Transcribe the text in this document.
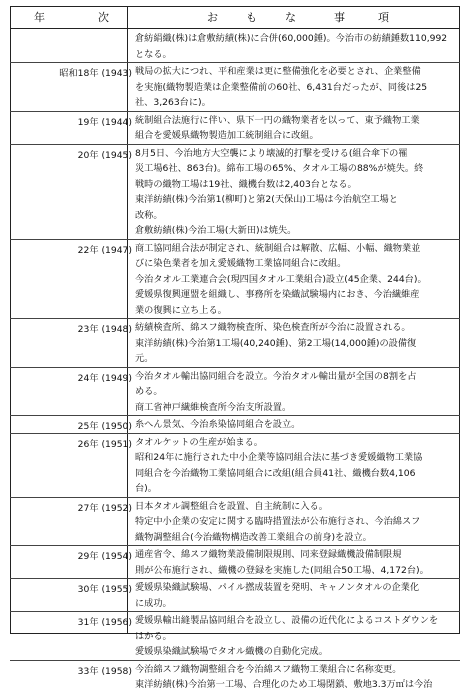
年	次	お も な	事	項
倉紡絹織(株)は倉敷紡績(株)に合併(60,000錘)。今治市の紡績錘数110,992
となる。
昭和18年 (1943) 戦局の拡大につれ、平和産業は更に整備強化を必要とされ、企業整備
を実施(織物製造業は企業整備前の60社、6,431台だったが、同後は25
社、3,263台に)。
19年 (1944) 統制組合法施行に伴い、県下一円の織物業者を以って、東予織物工業
組合を愛媛県織物製造加工統制組合に改組。
20年 (1945) 8月5日、今治地方大空襲により壊滅的打撃を受ける(組合傘下の罹
災工場6社、863台)。綿布工場の65%、タオル工場の88%が焼失。終
戦時の織物工場は19社、織機台数は2,403台となる。
東洋紡績(株)今治第1(柳町)と第2(天保山)工場は今治航空工場と
改称。
倉敷紡績(株)今治工場(大新田)は焼失。
22年 (1947) 商工協同組合法が制定され、統制組合は解散、広幅、小幅、織物業並
びに染色業者を加え愛媛織物工業協同組合に改組。
今治タオル工業連合会(現四国タオル工業組合)設立(45企業、244台)。
愛媛県復興運盟を組織し、事務所を染織試験場内におき、今治繊維産
業の復興に立ち上る。
23年 (1948) 紡績検査所、綿スフ織物検査所、染色検査所が今治に設置される。
東洋紡績(株)今治第1工場(40,240錘)、第2工場(14,000錘)の設備復
元。
24年 (1949) 今治タオル輸出協同組合を設立。今治タオル輸出量が全国の8割を占
める。
商工省神戸繊維検査所今治支所設置。
25年 (1950) 糸へん景気、今治糸染協同組合を設立。
26年 (1951) タオルケットの生産が始まる。
昭和24年に施行された中小企業等協同組合法に基づき愛媛織物工業協
同組合を今治織物工業協同組合に改組(組合員41社、織機台数4,106
台)。
27年 (1952) 日本タオル調整組合を設置、自主統制に入る。
特定中小企業の安定に関する臨時措置法が公布施行され、今治綿スフ
織物調整組合(今治織物構造改善工業組合の前身)を設立。
29年 (1954) 通産省令、綿スフ織物業設備制限規則、同来登録織機設備制限規
則が公布施行され、織機の登録を実施した(同組合50工場、4,172台)。
30年 (1955) 愛媛県染織試験場、パイル撚成装置を発明、キャノンタオルの企業化
に成功。
31年 (1956) 愛媛県輸出縫製品協同組合を設立し、設備の近代化によるコストダウンを
はかる。
愛媛県染織試験場でタオル織機の自動化完成。
33年 (1958) 今治綿スフ織物調整組合を今治綿スフ織物工業組合に名称変更。
東洋紡績(株)今治第一工場、合理化のため工場閉鎖、敷地3.3万㎡は今治
